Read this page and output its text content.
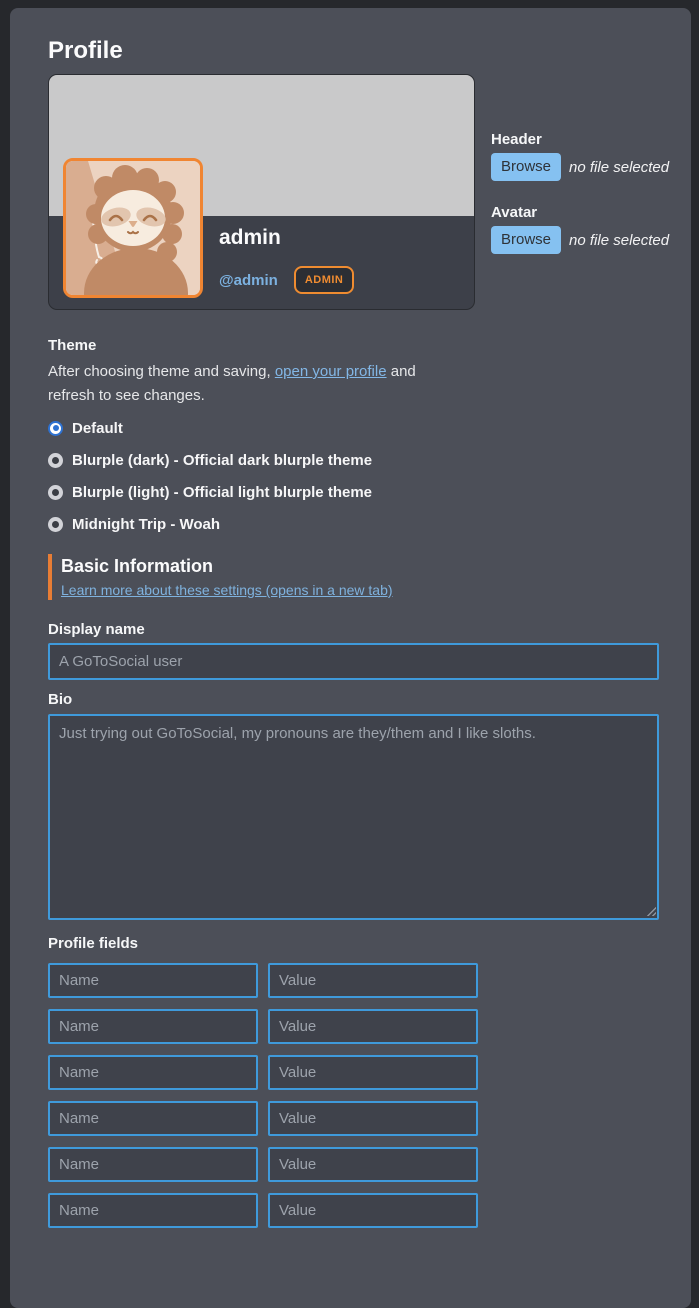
Profile
admin
@admin	ADMIN
Header
Browse	no file selected
Avatar
Browse	no file selected
Theme

After choosing theme and saving, open your profile and
refresh to see changes.

Default
Blurple (dark) - Official dark blurple theme
Blurple (light) - Official light blurple theme
Midnight Trip - Woah
Basic Information
Learn more about these settings (opens in a new tab)
Display name
A GoToSocial user
Bio
Just trying out GoToSocial, my pronouns are they/them and I like sloths.
Profile fields
Name
Value
Name
Value
Name
Value
Name
Value
Name
Value
Name
Value
